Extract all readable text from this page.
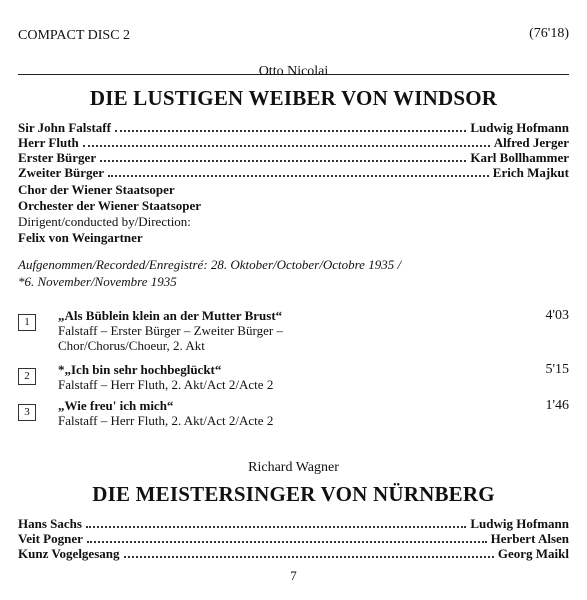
COMPACT DISC 2	(76'18)
Otto Nicolai
DIE LUSTIGEN WEIBER VON WINDSOR
Sir John Falstaff	Ludwig Hofmann
Herr Fluth	Alfred Jerger
Erster Bürger	Karl Bollhammer
Zweiter Bürger	Erich Majkut
Chor der Wiener Staatsoper
Orchester der Wiener Staatsoper
Dirigent/conducted by/Direction:
Felix von Weingartner
Aufgenommen/Recorded/Enregistré: 28. Oktober/October/Octobre 1935 /
*6. November/Novembre 1935
1	„Als Büblein klein an der Mutter Brust“
Falstaff – Erster Bürger – Zweiter Bürger –
Chor/Chorus/Choeur, 2. Akt
4'03
2	*„Ich bin sehr hochbeglückt“
Falstaff – Herr Fluth, 2. Akt/Act 2/Acte 2
5'15
3	„Wie freu' ich mich“
Falstaff – Herr Fluth, 2. Akt/Act 2/Acte 2
1'46
Richard Wagner
DIE MEISTERSINGER VON NÜRNBERG
Hans Sachs	Ludwig Hofmann
Veit Pogner	Herbert Alsen
Kunz Vogelgesang	Georg Maikl
7
